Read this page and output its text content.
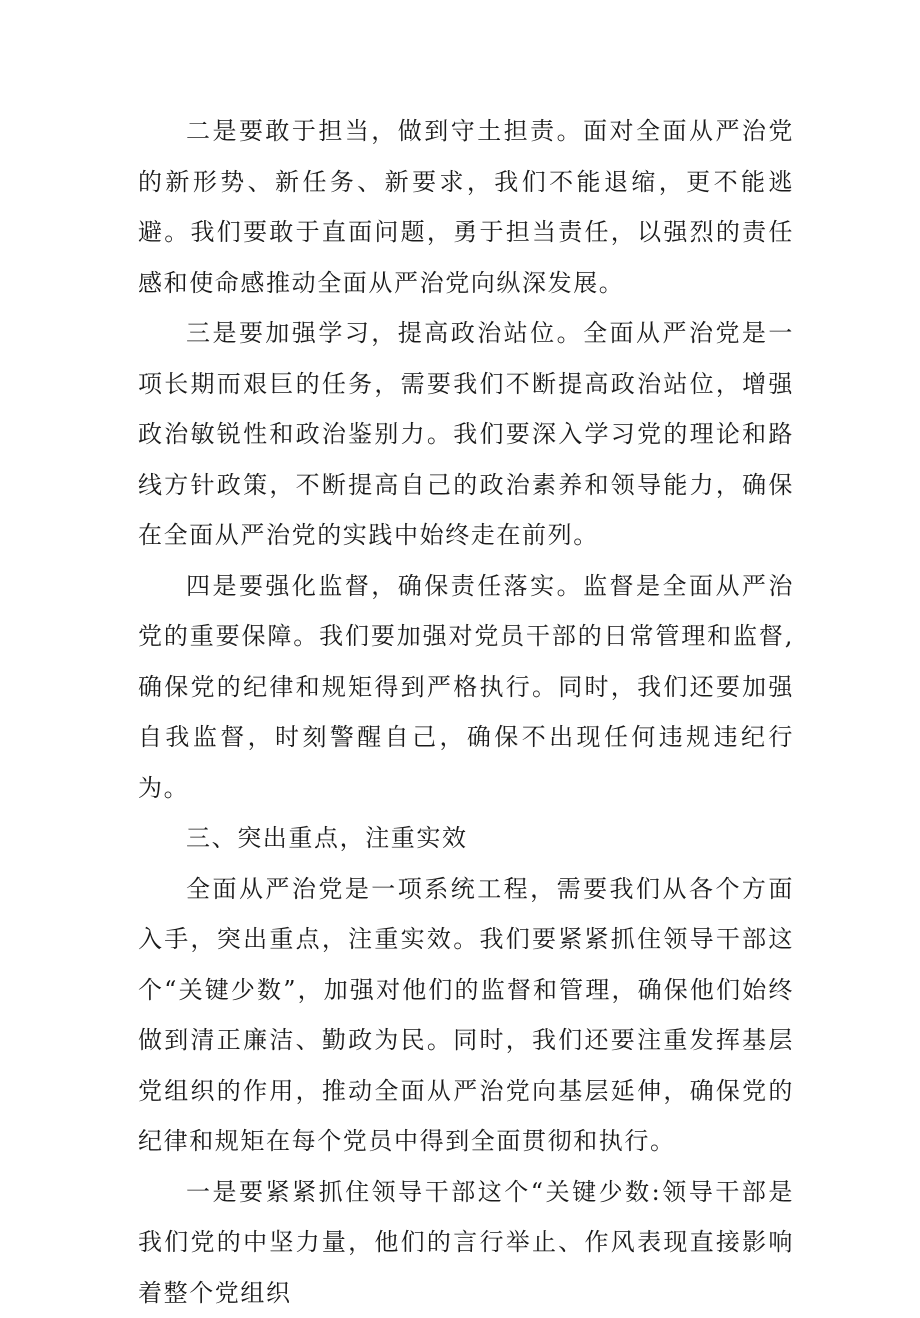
二是要敢于担当，做到守土担责。面对全面从严治党的新形势、新任务、新要求，我们不能退缩，更不能逃避。我们要敢于直面问题，勇于担当责任，以强烈的责任感和使命感推动全面从严治党向纵深发展。

三是要加强学习，提高政治站位。全面从严治党是一项长期而艰巨的任务，需要我们不断提高政治站位，增强政治敏锐性和政治鉴别力。我们要深入学习党的理论和路线方针政策，不断提高自己的政治素养和领导能力，确保在全面从严治党的实践中始终走在前列。

四是要强化监督，确保责任落实。监督是全面从严治党的重要保障。我们要加强对党员干部的日常管理和监督,确保党的纪律和规矩得到严格执行。同时，我们还要加强自我监督，时刻警醒自己，确保不出现任何违规违纪行为。

三、突出重点，注重实效

全面从严治党是一项系统工程，需要我们从各个方面入手，突出重点，注重实效。我们要紧紧抓住领导干部这个“关键少数”，加强对他们的监督和管理，确保他们始终做到清正廉洁、勤政为民。同时，我们还要注重发挥基层党组织的作用，推动全面从严治党向基层延伸，确保党的纪律和规矩在每个党员中得到全面贯彻和执行。

一是要紧紧抓住领导干部这个“关键少数:领导干部是我们党的中坚力量，他们的言行举止、作风表现直接影响着整个党组织
